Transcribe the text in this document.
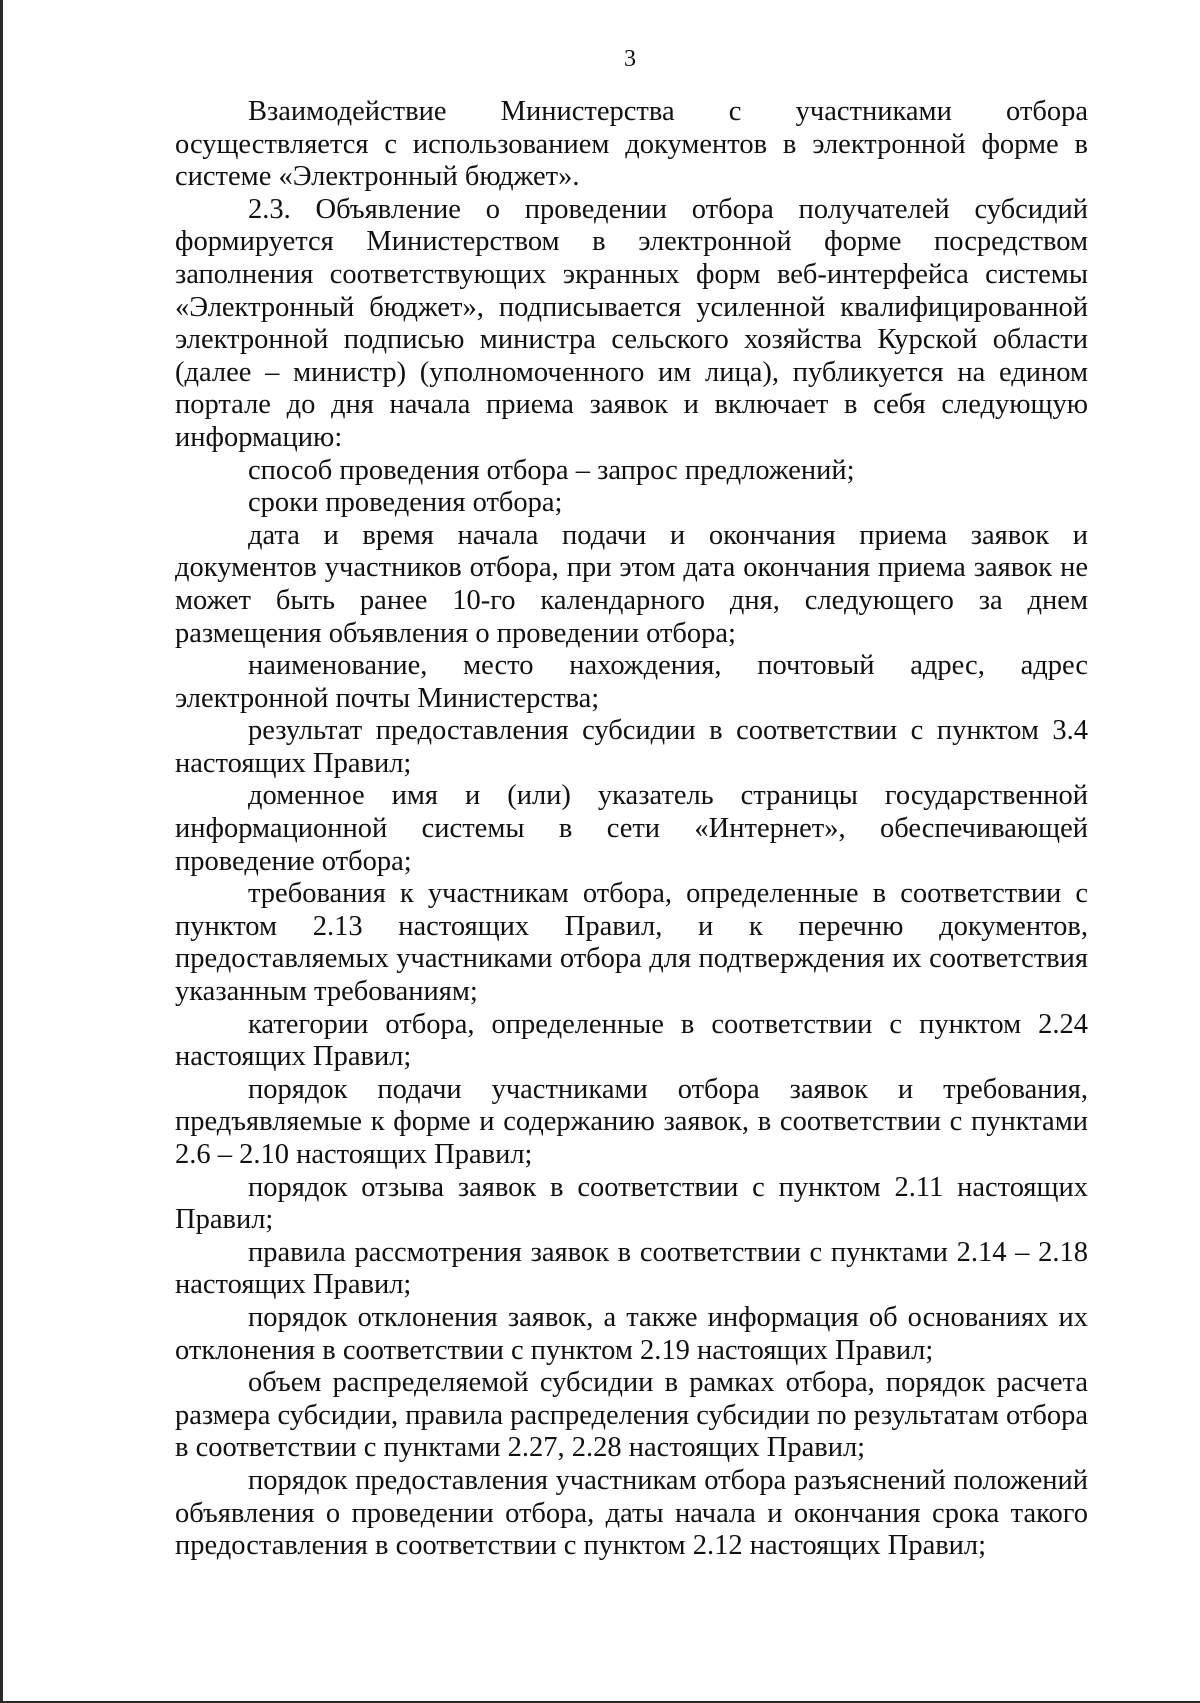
3

Взаимодействие Министерства с участниками отбора осуществляется с использованием документов в электронной форме в системе «Электронный бюджет».

2.3. Объявление о проведении отбора получателей субсидий формируется Министерством в электронной форме посредством заполнения соответствующих экранных форм веб-интерфейса системы «Электронный бюджет», подписывается усиленной квалифицированной электронной подписью министра сельского хозяйства Курской области (далее – министр) (уполномоченного им лица), публикуется на едином портале до дня начала приема заявок и включает в себя следующую информацию:

способ проведения отбора – запрос предложений;

сроки проведения отбора;

дата и время начала подачи и окончания приема заявок и документов участников отбора, при этом дата окончания приема заявок не может быть ранее 10-го календарного дня, следующего за днем размещения объявления о проведении отбора;

наименование, место нахождения, почтовый адрес, адрес электронной почты Министерства;

результат предоставления субсидии в соответствии с пунктом 3.4 настоящих Правил;

доменное имя и (или) указатель страницы государственной информационной системы в сети «Интернет», обеспечивающей проведение отбора;

требования к участникам отбора, определенные в соответствии с пунктом 2.13 настоящих Правил, и к перечню документов, предоставляемых участниками отбора для подтверждения их соответствия указанным требованиям;

категории отбора, определенные в соответствии с пунктом 2.24 настоящих Правил;

порядок подачи участниками отбора заявок и требования, предъявляемые к форме и содержанию заявок, в соответствии с пунктами 2.6 – 2.10 настоящих Правил;

порядок отзыва заявок в соответствии с пунктом 2.11 настоящих Правил;

правила рассмотрения заявок в соответствии с пунктами 2.14 – 2.18 настоящих Правил;

порядок отклонения заявок, а также информация об основаниях их отклонения в соответствии с пунктом 2.19 настоящих Правил;

объем распределяемой субсидии в рамках отбора, порядок расчета размера субсидии, правила распределения субсидии по результатам отбора в соответствии с пунктами 2.27, 2.28 настоящих Правил;

порядок предоставления участникам отбора разъяснений положений объявления о проведении отбора, даты начала и окончания срока такого предоставления в соответствии с пунктом 2.12 настоящих Правил;
